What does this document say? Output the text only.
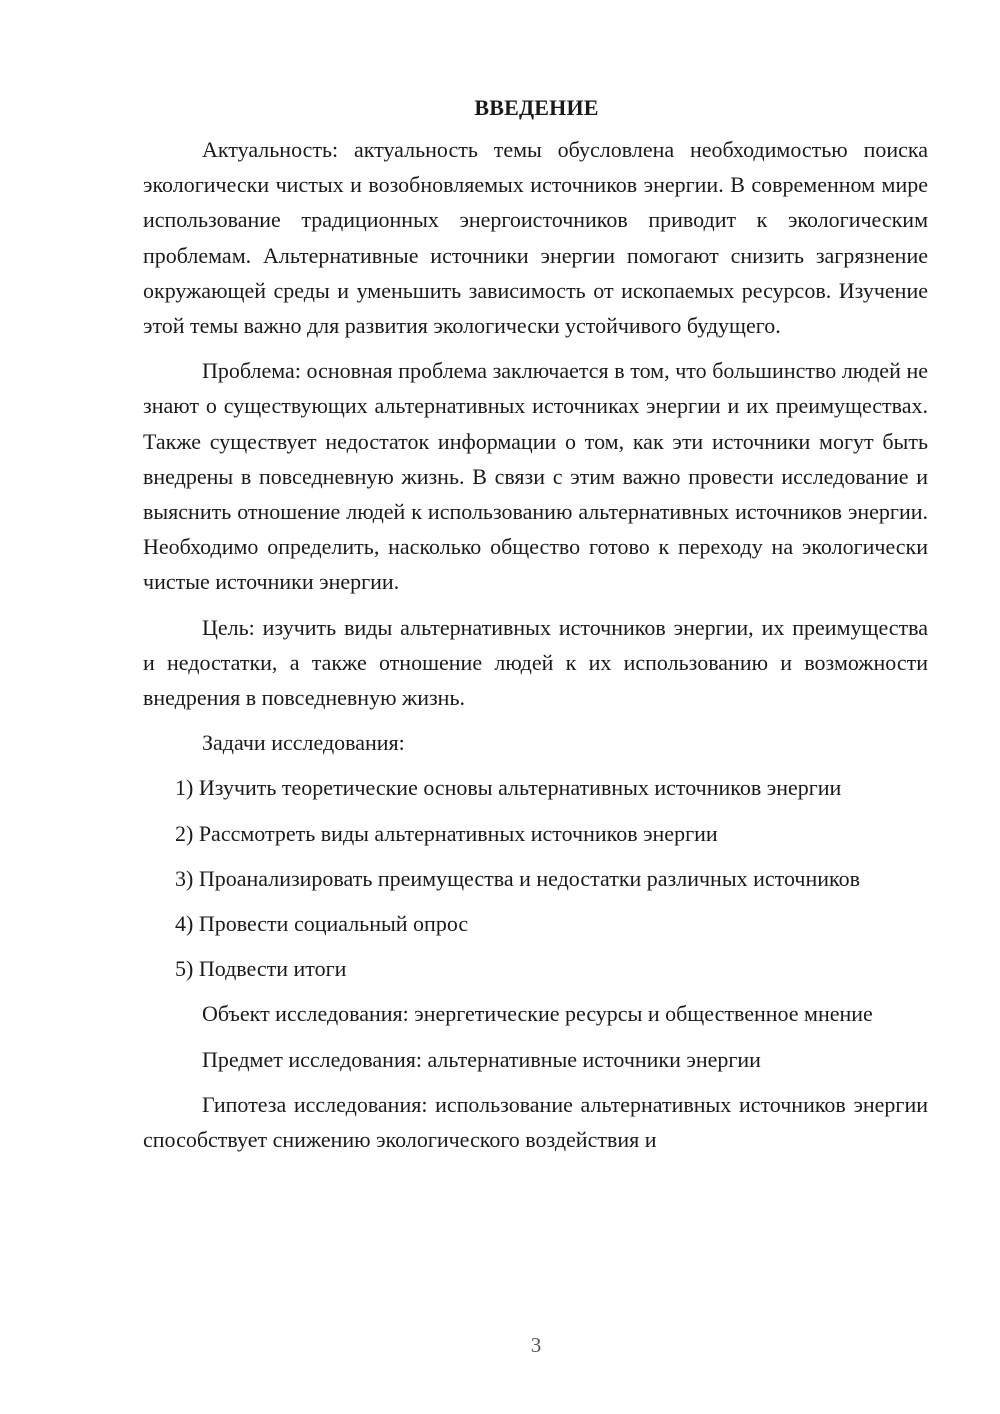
ВВЕДЕНИЕ

Актуальность: актуальность темы обусловлена необходимостью поиска экологически чистых и возобновляемых источников энергии. В современном мире использование традиционных энергоисточников приводит к экологическим проблемам. Альтернативные источники энергии помогают снизить загрязнение окружающей среды и уменьшить зависимость от ископаемых ресурсов. Изучение этой темы важно для развития экологически устойчивого будущего.

Проблема: основная проблема заключается в том, что большинство людей не знают о существующих альтернативных источниках энергии и их преимуществах. Также существует недостаток информации о том, как эти источники могут быть внедрены в повседневную жизнь. В связи с этим важно провести исследование и выяснить отношение людей к использованию альтернативных источников энергии. Необходимо определить, насколько общество готово к переходу на экологически чистые источники энергии.

Цель: изучить виды альтернативных источников энергии, их преимущества и недостатки, а также отношение людей к их использованию и возможности внедрения в повседневную жизнь.

Задачи исследования:

1) Изучить теоретические основы альтернативных источников энергии

2) Рассмотреть виды альтернативных источников энергии

3) Проанализировать преимущества и недостатки различных источников

4) Провести социальный опрос

5) Подвести итоги

Объект исследования: энергетические ресурсы и общественное мнение

Предмет исследования: альтернативные источники энергии

Гипотеза исследования: использование альтернативных источников энергии способствует снижению экологического воздействия и

3
